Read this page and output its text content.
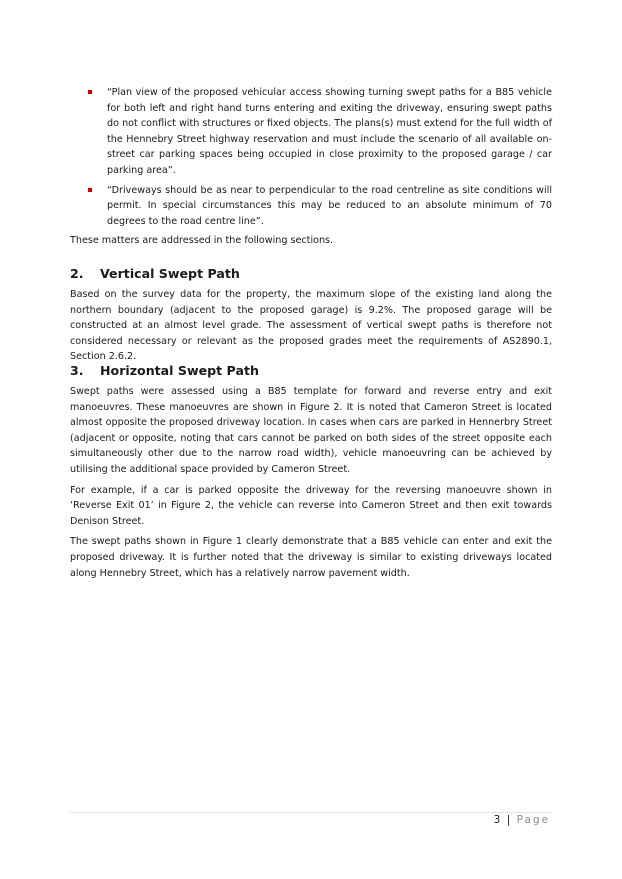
“Plan view of the proposed vehicular access showing turning swept paths for a B85 vehicle for both left and right hand turns entering and exiting the driveway, ensuring swept paths do not conflict with structures or fixed objects. The plans(s) must extend for the full width of the Hennebry Street highway reservation and must include the scenario of all available on-street car parking spaces being occupied in close proximity to the proposed garage / car parking area”.

“Driveways should be as near to perpendicular to the road centreline as site conditions will permit. In special circumstances this may be reduced to an absolute minimum of 70 degrees to the road centre line”.

These matters are addressed in the following sections.

2. Vertical Swept Path

Based on the survey data for the property, the maximum slope of the existing land along the northern boundary (adjacent to the proposed garage) is 9.2%. The proposed garage will be constructed at an almost level grade. The assessment of vertical swept paths is therefore not considered necessary or relevant as the proposed grades meet the requirements of AS2890.1, Section 2.6.2.

3. Horizontal Swept Path

Swept paths were assessed using a B85 template for forward and reverse entry and exit manoeuvres. These manoeuvres are shown in Figure 2. It is noted that Cameron Street is located almost opposite the proposed driveway location. In cases when cars are parked in Hennerbry Street (adjacent or opposite, noting that cars cannot be parked on both sides of the street opposite each simultaneously other due to the narrow road width), vehicle manoeuvring can be achieved by utilising the additional space provided by Cameron Street.

For example, if a car is parked opposite the driveway for the reversing manoeuvre shown in ‘Reverse Exit 01’ in Figure 2, the vehicle can reverse into Cameron Street and then exit towards Denison Street.

The swept paths shown in Figure 1 clearly demonstrate that a B85 vehicle can enter and exit the proposed driveway. It is further noted that the driveway is similar to existing driveways located along Hennebry Street, which has a relatively narrow pavement width.

3 | Page
